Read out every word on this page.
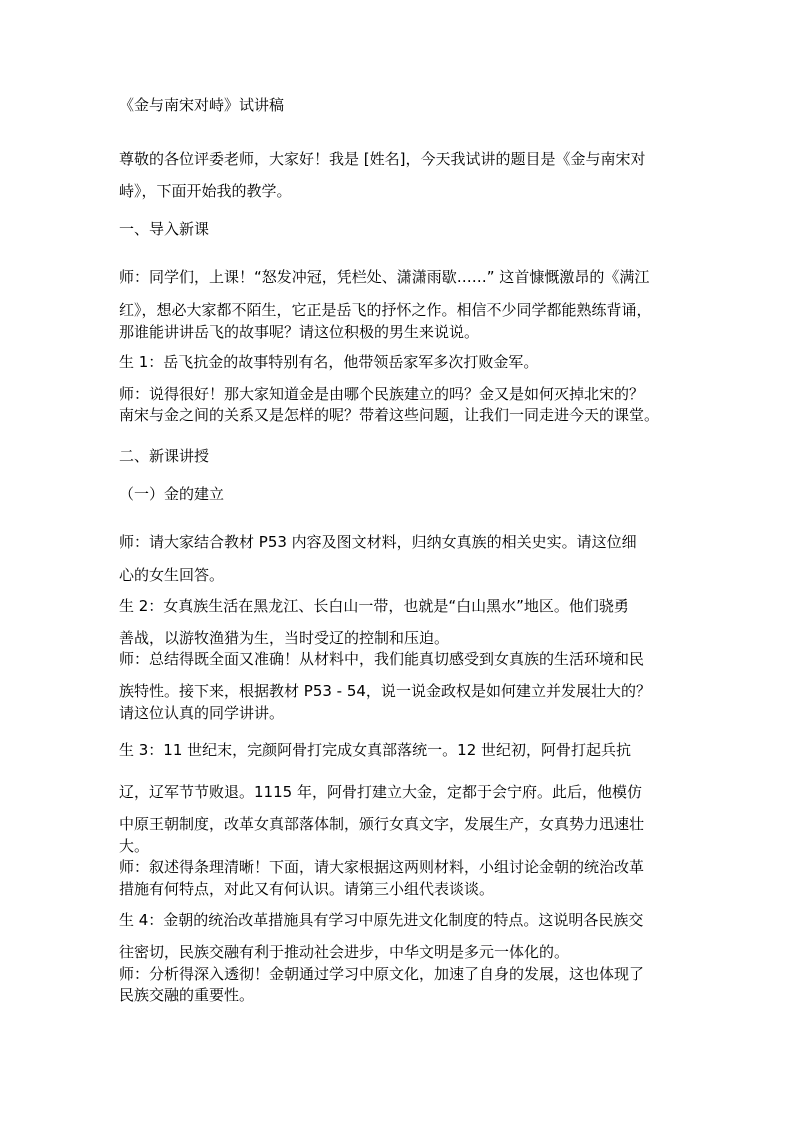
《金与南宋对峙》试讲稿
尊敬的各位评委老师，大家好！我是 [姓名]，今天我试讲的题目是《金与南宋对
峙》，下面开始我的教学。
一、导入新课
师：同学们，上课！“怒发冲冠，凭栏处、潇潇雨歇……” 这首慷慨激昂的《满江
红》，想必大家都不陌生，它正是岳飞的抒怀之作。相信不少同学都能熟练背诵，
那谁能讲讲岳飞的故事呢？请这位积极的男生来说说。
生 1：岳飞抗金的故事特别有名，他带领岳家军多次打败金军。
师：说得很好！那大家知道金是由哪个民族建立的吗？金又是如何灭掉北宋的？
南宋与金之间的关系又是怎样的呢？带着这些问题，让我们一同走进今天的课堂。
二、新课讲授
（一）金的建立
师：请大家结合教材 P53 内容及图文材料，归纳女真族的相关史实。请这位细
心的女生回答。
生 2：女真族生活在黑龙江、长白山一带，也就是“白山黑水”地区。他们骁勇
善战，以游牧渔猎为生，当时受辽的控制和压迫。
师：总结得既全面又准确！从材料中，我们能真切感受到女真族的生活环境和民
族特性。接下来，根据教材 P53 - 54，说一说金政权是如何建立并发展壮大的？
请这位认真的同学讲讲。
生 3：11 世纪末，完颜阿骨打完成女真部落统一。12 世纪初，阿骨打起兵抗
辽，辽军节节败退。1115 年，阿骨打建立大金，定都于会宁府。此后，他模仿
中原王朝制度，改革女真部落体制，颁行女真文字，发展生产，女真势力迅速壮
大。
师：叙述得条理清晰！下面，请大家根据这两则材料，小组讨论金朝的统治改革
措施有何特点，对此又有何认识。请第三小组代表谈谈。
生 4：金朝的统治改革措施具有学习中原先进文化制度的特点。这说明各民族交
往密切，民族交融有利于推动社会进步，中华文明是多元一体化的。
师：分析得深入透彻！金朝通过学习中原文化，加速了自身的发展，这也体现了
民族交融的重要性。
